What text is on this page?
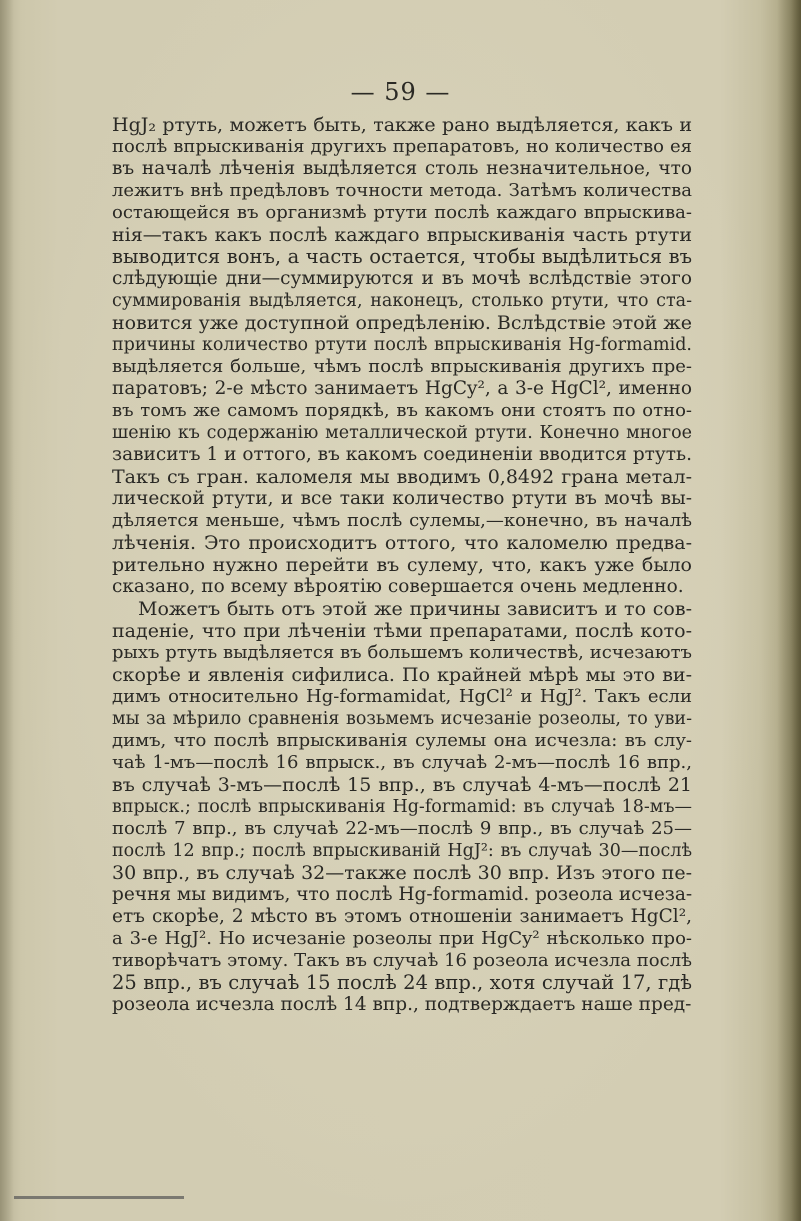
— 59 —
HgJ₂ ртуть, можетъ быть, также рано выдѣляется, какъ и
послѣ впрыскиванія другихъ препаратовъ, но количество ея
въ началѣ лѣченія выдѣляется столь незначительное, что
лежитъ внѣ предѣловъ точности метода. Затѣмъ количества
остающейся въ организмѣ ртути послѣ каждаго впрыскива-
нія—такъ какъ послѣ каждаго впрыскиванія часть ртути
выводится вонъ, а часть остается, чтобы выдѣлиться въ
слѣдующіе дни—суммируются и въ мочѣ вслѣдствіе этого
суммированія выдѣляется, наконецъ, столько ртути, что ста-
новится уже доступной опредѣленію. Вслѣдствіе этой же
причины количество ртути послѣ впрыскиванія Hg-formamid.
выдѣляется больше, чѣмъ послѣ впрыскиванія другихъ пре-
паратовъ; 2-е мѣсто занимаетъ HgCy², а 3-е HgCl², именно
въ томъ же самомъ порядкѣ, въ какомъ они стоятъ по отно-
шенію къ содержанію металлической ртути. Конечно многое
зависитъ 1 и оттого, въ какомъ соединеніи вводится ртуть.
Такъ съ гран. каломеля мы вводимъ 0,8492 грана метал-
лической ртути, и все таки количество ртути въ мочѣ вы-
дѣляется меньше, чѣмъ послѣ сулемы,—конечно, въ началѣ
лѣченія. Это происходитъ оттого, что каломелю предва-
рительно нужно перейти въ сулему, что, какъ уже было
сказано, по всему вѣроятію совершается очень медленно.
Можетъ быть отъ этой же причины зависитъ и то сов-
паденіе, что при лѣченіи тѣми препаратами, послѣ кото-
рыхъ ртуть выдѣляется въ большемъ количествѣ, исчезаютъ
скорѣе и явленія сифилиса. По крайней мѣрѣ мы это ви-
димъ относительно Hg-formamidat, HgCl² и HgJ². Такъ если
мы за мѣрило сравненія возьмемъ исчезаніе розеолы, то уви-
димъ, что послѣ впрыскиванія сулемы она исчезла: въ слу-
чаѣ 1-мъ—послѣ 16 впрыск., въ случаѣ 2-мъ—послѣ 16 впр.,
въ случаѣ 3-мъ—послѣ 15 впр., въ случаѣ 4-мъ—послѣ 21
впрыск.; послѣ впрыскиванія Hg-formamid: въ случаѣ 18-мъ—
послѣ 7 впр., въ случаѣ 22-мъ—послѣ 9 впр., въ случаѣ 25—
послѣ 12 впр.; послѣ впрыскиваній HgJ²: въ случаѣ 30—послѣ
30 впр., въ случаѣ 32—также послѣ 30 впр. Изъ этого пе-
речня мы видимъ, что послѣ Hg-formamid. розеола исчеза-
етъ скорѣе, 2 мѣсто въ этомъ отношеніи занимаетъ HgCl²,
а 3-е HgJ². Но исчезаніе розеолы при HgCy² нѣсколько про-
тиворѣчатъ этому. Такъ въ случаѣ 16 розеола исчезла послѣ
25 впр., въ случаѣ 15 послѣ 24 впр., хотя случай 17, гдѣ
розеола исчезла послѣ 14 впр., подтверждаетъ наше пред-
